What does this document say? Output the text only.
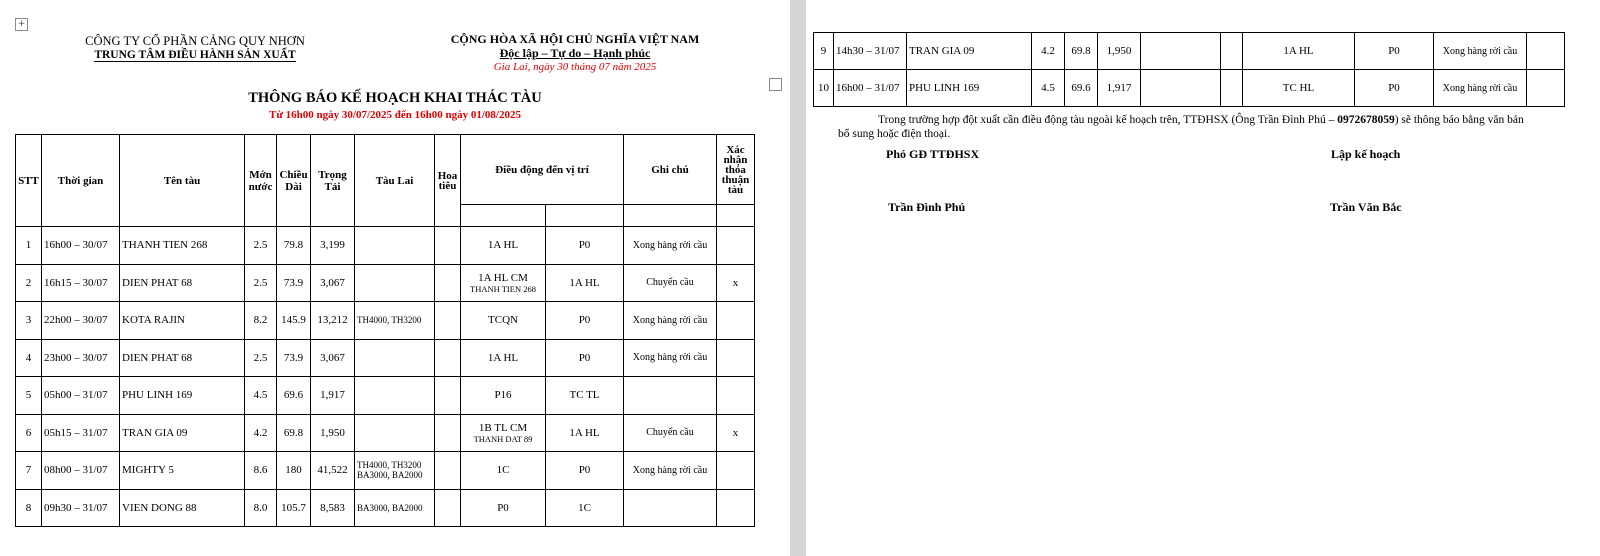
+
CÔNG TY CỔ PHẦN CẢNG QUY NHƠN
TRUNG TÂM ĐIỀU HÀNH SẢN XUẤT
CỘNG HÒA XÃ HỘI CHỦ NGHĨA VIỆT NAM
Độc lập – Tự do – Hạnh phúc
Gia Lai, ngày 30 tháng 07 năm 2025
THÔNG BÁO KẾ HOẠCH KHAI THÁC TÀU
Từ 16h00 ngày 30/07/2025 đến 16h00 ngày 01/08/2025
STT	Thời gian	Tên tàu	Mớn nước	Chiều Dài	Trọng Tải	Tàu Lai	Hoa tiêu	Điều động đến vị trí		Ghi chú	Xác nhận thỏa thuận tàu

1	16h00 – 30/07	THANH TIEN 268	2.5	79.8	3,199			1A HL	P0	Xong hàng rời cầu	
2	16h15 – 30/07	DIEN PHAT 68	2.5	73.9	3,067			1A HL CM
THANH TIEN 268	1A HL	Chuyển cầu	x
3	22h00 – 30/07	KOTA RAJIN	8.2	145.9	13,212	TH4000, TH3200		TCQN	P0	Xong hàng rời cầu	
4	23h00 – 30/07	DIEN PHAT 68	2.5	73.9	3,067			1A HL	P0	Xong hàng rời cầu	
5	05h00 – 31/07	PHU LINH 169	4.5	69.6	1,917			P16	TC TL		
6	05h15 – 31/07	TRAN GIA 09	4.2	69.8	1,950			1B TL CM
THANH DAT 89	1A HL	Chuyển cầu	x
7	08h00 – 31/07	MIGHTY 5	8.6	180	41,522	TH4000, TH3200 BA3000, BA2000		1C	P0	Xong hàng rời cầu	
8	09h30 – 31/07	VIEN DONG 88	8.0	105.7	8,583	BA3000, BA2000		P0	1C		
9	14h30 – 31/07	TRAN GIA 09	4.2	69.8	1,950			1A HL	P0	Xong hàng rời cầu	
10	16h00 – 31/07	PHU LINH 169	4.5	69.6	1,917			TC HL	P0	Xong hàng rời cầu	
Trong trường hợp đột xuất cần điều động tàu ngoài kế hoạch trên, TTĐHSX (Ông Trần Đình Phú – 0972678059) sẽ thông báo bằng văn bản bổ sung hoặc điện thoại.
Phó GĐ TTĐHSX
Trần Đình Phú
Lập kế hoạch
Trần Văn Bắc
